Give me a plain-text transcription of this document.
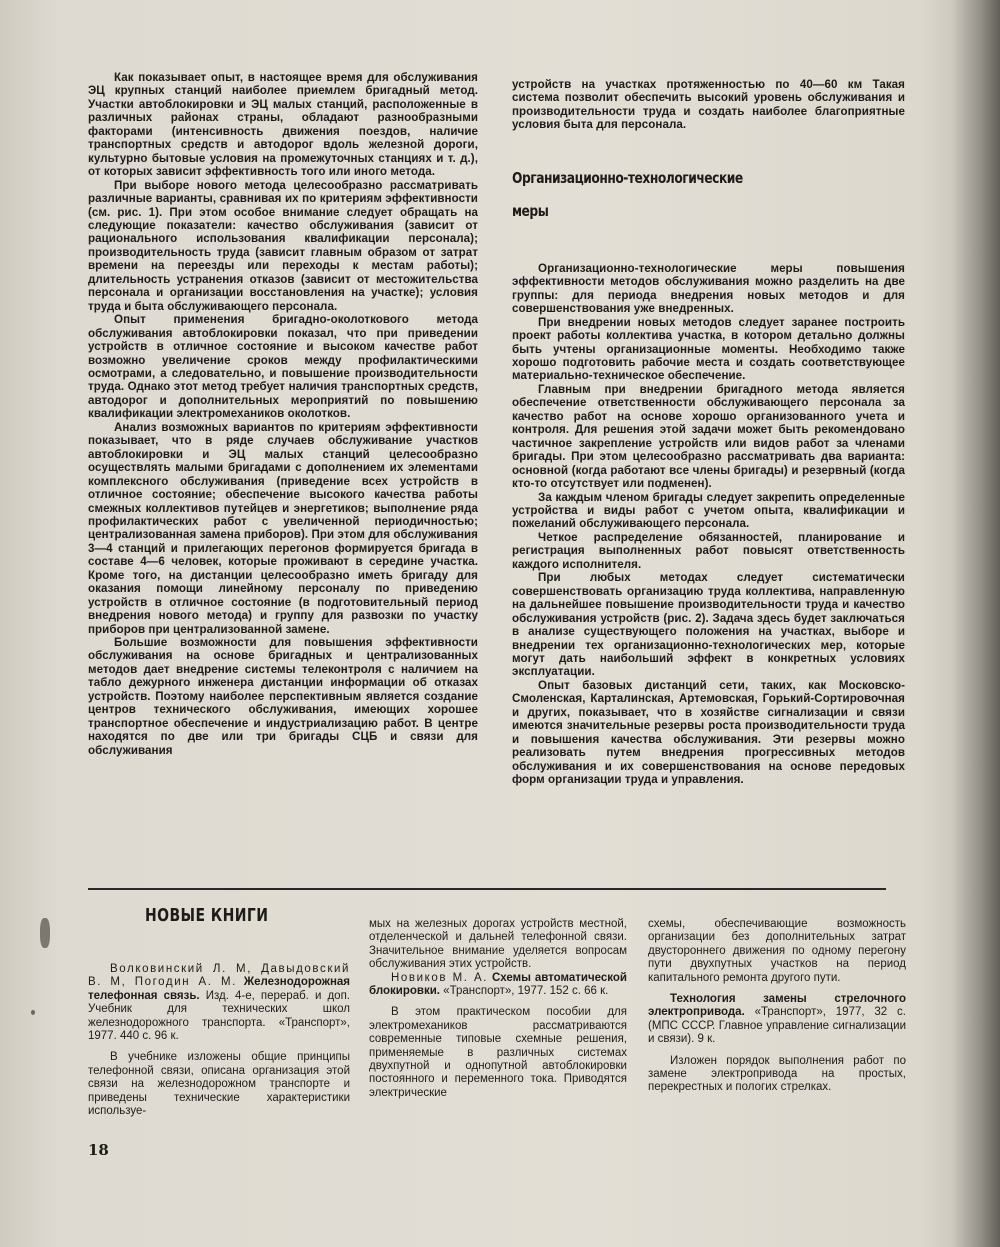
Как показывает опыт, в настоящее время для обслуживания ЭЦ крупных станций наиболее приемлем бригадный метод. Участки автоблокировки и ЭЦ малых станций, расположенные в различных районах страны, обладают разнообразными факторами (интенсивность движения поездов, наличие транспортных средств и автодорог вдоль железной дороги, культурно бытовые условия на промежуточных станциях и т. д.), от которых зависит эффективность того или иного метода.

При выборе нового метода целесообразно рассматривать различные варианты, сравнивая их по критериям эффективности (см. рис. 1). При этом особое внимание следует обращать на следующие показатели: качество обслуживания (зависит от рационального использования квалификации персонала); производительность труда (зависит главным образом от затрат времени на переезды или переходы к местам работы); длительность устранения отказов (зависит от местожительства персонала и организации восстановления на участке); условия труда и быта обслуживающего персонала.

Опыт применения бригадно-околоткового метода обслуживания автоблокировки показал, что при приведении устройств в отличное состояние и высоком качестве работ возможно увеличение сроков между профилактическими осмотрами, а следовательно, и повышение производительности труда. Однако этот метод требует наличия транспортных средств, автодорог и дополнительных мероприятий по повышению квалификации электромехаников околотков.

Анализ возможных вариантов по критериям эффективности показывает, что в ряде случаев обслуживание участков автоблокировки и ЭЦ малых станций целесообразно осуществлять малыми бригадами с дополнением их элементами комплексного обслуживания (приведение всех устройств в отличное состояние; обеспечение высокого качества работы смежных коллективов путейцев и энергетиков; выполнение ряда профилактических работ с увеличенной периодичностью; централизованная замена приборов). При этом для обслуживания 3—4 станций и прилегающих перегонов формируется бригада в составе 4—6 человек, которые проживают в середине участка. Кроме того, на дистанции целесообразно иметь бригаду для оказания помощи линейному персоналу по приведению устройств в отличное состояние (в подготовительный период внедрения нового метода) и группу для развозки по участку приборов при централизованной замене.

Большие возможности для повышения эффективности обслуживания на основе бригадных и централизованных методов дает внедрение системы телеконтроля с наличием на табло дежурного инженера дистанции информации об отказах устройств. Поэтому наиболее перспективным является создание центров технического обслуживания, имеющих хорошее транспортное обеспечение и индустриализацию работ. В центре находятся по две или три бригады СЦБ и связи для обслуживания

устройств на участках протяженностью по 40—60 км Такая система позволит обеспечить высокий уровень обслуживания и производительности труда и создать наиболее благоприятные условия быта для персонала.

Организационно-технологические
меры

Организационно-технологические меры повышения эффективности методов обслуживания можно разделить на две группы: для периода внедрения новых методов и для совершенствования уже внедренных.

При внедрении новых методов следует заранее построить проект работы коллектива участка, в котором детально должны быть учтены организационные моменты. Необходимо также хорошо подготовить рабочие места и создать соответствующее материально-техническое обеспечение.

Главным при внедрении бригадного метода является обеспечение ответственности обслуживающего персонала за качество работ на основе хорошо организованного учета и контроля. Для решения этой задачи может быть рекомендовано частичное закрепление устройств или видов работ за членами бригады. При этом целесообразно рассматривать два варианта: основной (когда работают все члены бригады) и резервный (когда кто-то отсутствует или подменен).

За каждым членом бригады следует закрепить определенные устройства и виды работ с учетом опыта, квалификации и пожеланий обслуживающего персонала.

Четкое распределение обязанностей, планирование и регистрация выполненных работ повысят ответственность каждого исполнителя.

При любых методах следует систематически совершенствовать организацию труда коллектива, направленную на дальнейшее повышение производительности труда и качество обслуживания устройств (рис. 2). Задача здесь будет заключаться в анализе существующего положения на участках, выборе и внедрении тех организационно-технологических мер, которые могут дать наибольший эффект в конкретных условиях эксплуатации.

Опыт базовых дистанций сети, таких, как Московско-Смоленская, Карталинская, Артемовская, Горький-Сортировочная и других, показывает, что в хозяйстве сигнализации и связи имеются значительные резервы роста производительности труда и повышения качества обслуживания. Эти резервы можно реализовать путем внедрения прогрессивных методов обслуживания и их совершенствования на основе передовых форм организации труда и управления.

НОВЫЕ КНИГИ

Волковинский Л. М, Давыдовский В. М, Погодин А. М. Железнодорожная телефонная связь. Изд. 4-е, перераб. и доп. Учебник для технических школ железнодорожного транспорта. «Транспорт», 1977. 440 с. 96 к.

В учебнике изложены общие принципы телефонной связи, описана организация этой связи на железнодорожном транспорте и приведены технические характеристики используе-

мых на железных дорогах устройств местной, отделенческой и дальней телефонной связи. Значительное внимание уделяется вопросам обслуживания этих устройств.

Новиков М. А. Схемы автоматической блокировки. «Транспорт», 1977. 152 с. 66 к.

В этом практическом пособии для электромехаников рассматриваются современные типовые схемные решения, применяемые в различных системах двухпутной и однопутной автоблокировки постоянного и переменного тока. Приводятся электрические

схемы, обеспечивающие возможность организации без дополнительных затрат двустороннего движения по одному перегону пути двухпутных участков на период капитального ремонта другого пути.

Технология замены стрелочного электропривода. «Транспорт», 1977, 32 с. (МПС СССР. Главное управление сигнализации и связи). 9 к.

Изложен порядок выполнения работ по замене электропривода на простых, перекрестных и пологих стрелках.

18
